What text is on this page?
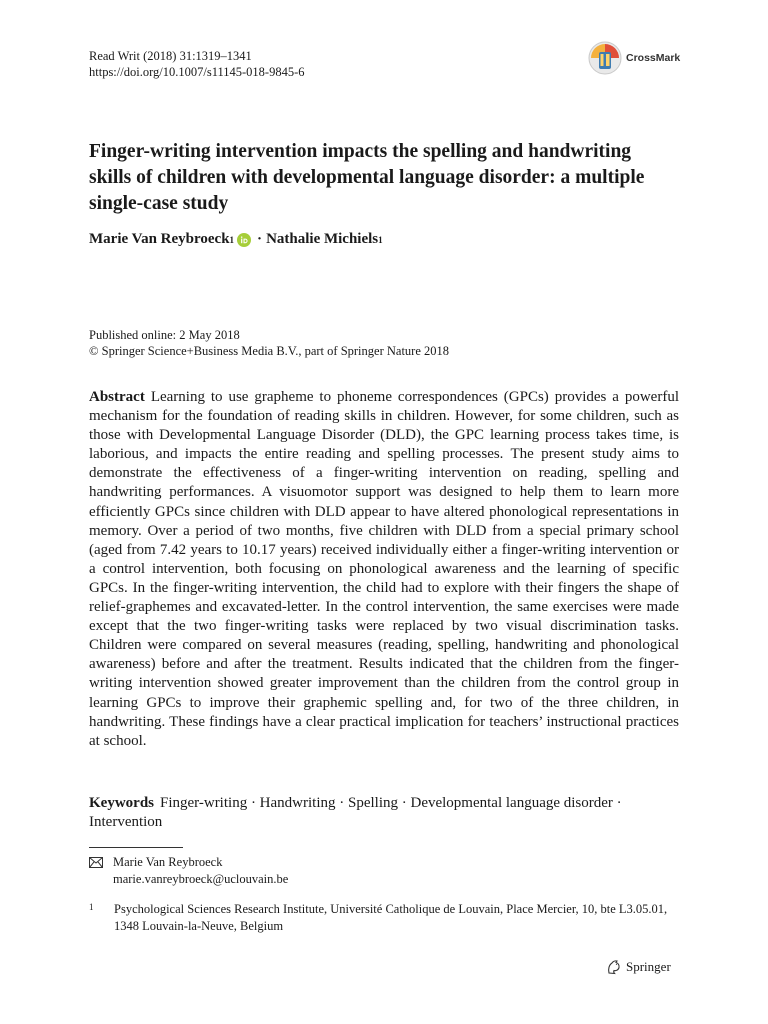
Read Writ (2018) 31:1319–1341
https://doi.org/10.1007/s11145-018-9845-6
CrossMark
Finger-writing intervention impacts the spelling and handwriting skills of children with developmental language disorder: a multiple single-case study
Marie Van Reybroeck 1 · Nathalie Michiels 1
Published online: 2 May 2018
© Springer Science+Business Media B.V., part of Springer Nature 2018

Abstract Learning to use grapheme to phoneme correspondences (GPCs) provides a powerful mechanism for the foundation of reading skills in children. However, for some children, such as those with Developmental Language Disorder (DLD), the GPC learning process takes time, is laborious, and impacts the entire reading and spelling processes. The present study aims to demonstrate the effectiveness of a finger-writing intervention on reading, spelling and handwriting performances. A visuomotor support was designed to help them to learn more efficiently GPCs since children with DLD appear to have altered phonological representations in memory. Over a period of two months, five children with DLD from a special primary school (aged from 7.42 years to 10.17 years) received individually either a finger-writing intervention or a control intervention, both focusing on phonological awareness and the learning of specific GPCs. In the finger-writing intervention, the child had to explore with their fingers the shape of relief-graphemes and excavated-letter. In the control intervention, the same exercises were made except that the two finger-writing tasks were replaced by two visual discrimination tasks. Children were compared on several measures (reading, spelling, handwriting and phonological awareness) before and after the treatment. Results indicated that the children from the finger-writing intervention showed greater improvement than the children from the control group in learning GPCs to improve their graphemic spelling and, for two of the three children, in handwriting. These findings have a clear practical implication for teachers’ instructional practices at school.

Keywords Finger-writing · Handwriting · Spelling · Developmental language disorder · Intervention

Marie Van Reybroeck
marie.vanreybroeck@uclouvain.be
1	Psychological Sciences Research Institute, Université Catholique de Louvain, Place Mercier, 10, bte L3.05.01, 1348 Louvain-la-Neuve, Belgium
Springer
